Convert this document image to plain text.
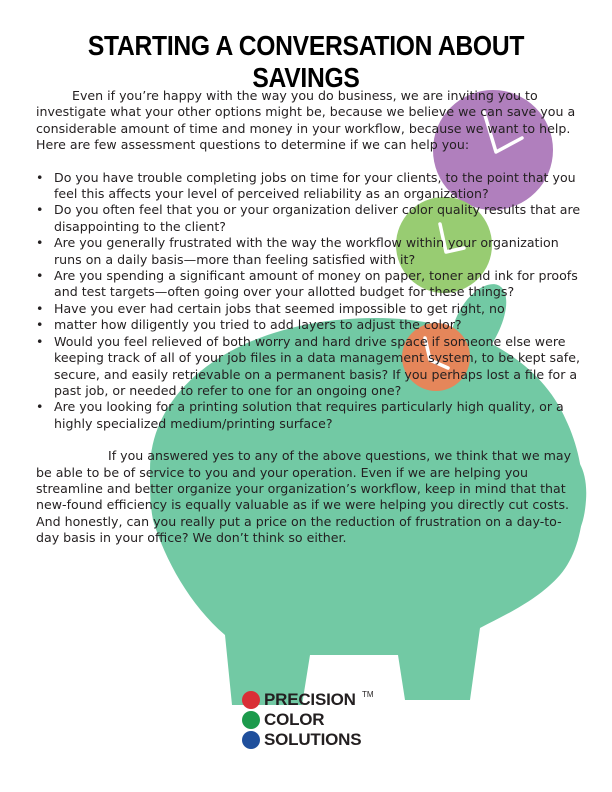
STARTING A CONVERSATION ABOUT SAVINGS

Even if you’re happy with the way you do business, we are inviting you to investigate what your other options might be, because we believe we can save you a considerable amount of time and money in your workflow, because we want to help. Here are few assessment questions to determine if we can help you:

• Do you have trouble completing jobs on time for your clients, to the point that you feel this affects your level of perceived reliability as an organization?
• Do you often feel that you or your organization deliver color quality results that are disappointing to the client?
• Are you generally frustrated with the way the workflow within your organization runs on a daily basis—more than feeling satisfied with it?
• Are you spending a significant amount of money on paper, toner and ink for proofs and test targets—often going over your allotted budget for these things?
• Have you ever had certain jobs that seemed impossible to get right, no
• matter how diligently you tried to add layers to adjust the color?
• Would you feel relieved of both worry and hard drive space if someone else were keeping track of all of your job files in a data management system, to be kept safe, secure, and easily retrievable on a permanent basis? If you perhaps lost a file for a past job, or needed to refer to one for an ongoing one?
• Are you looking for a printing solution that requires particularly high quality, or a highly specialized medium/printing surface?

If you answered yes to any of the above questions, we think that we may be able to be of service to you and your operation. Even if we are helping you streamline and better organize your organization’s workflow, keep in mind that that new-found efficiency is equally valuable as if we were helping you directly cut costs. And honestly, can you really put a price on the reduction of frustration on a day-to-day basis in your office? We don’t think so either.

PRECISION
COLOR
SOLUTIONS
TM
